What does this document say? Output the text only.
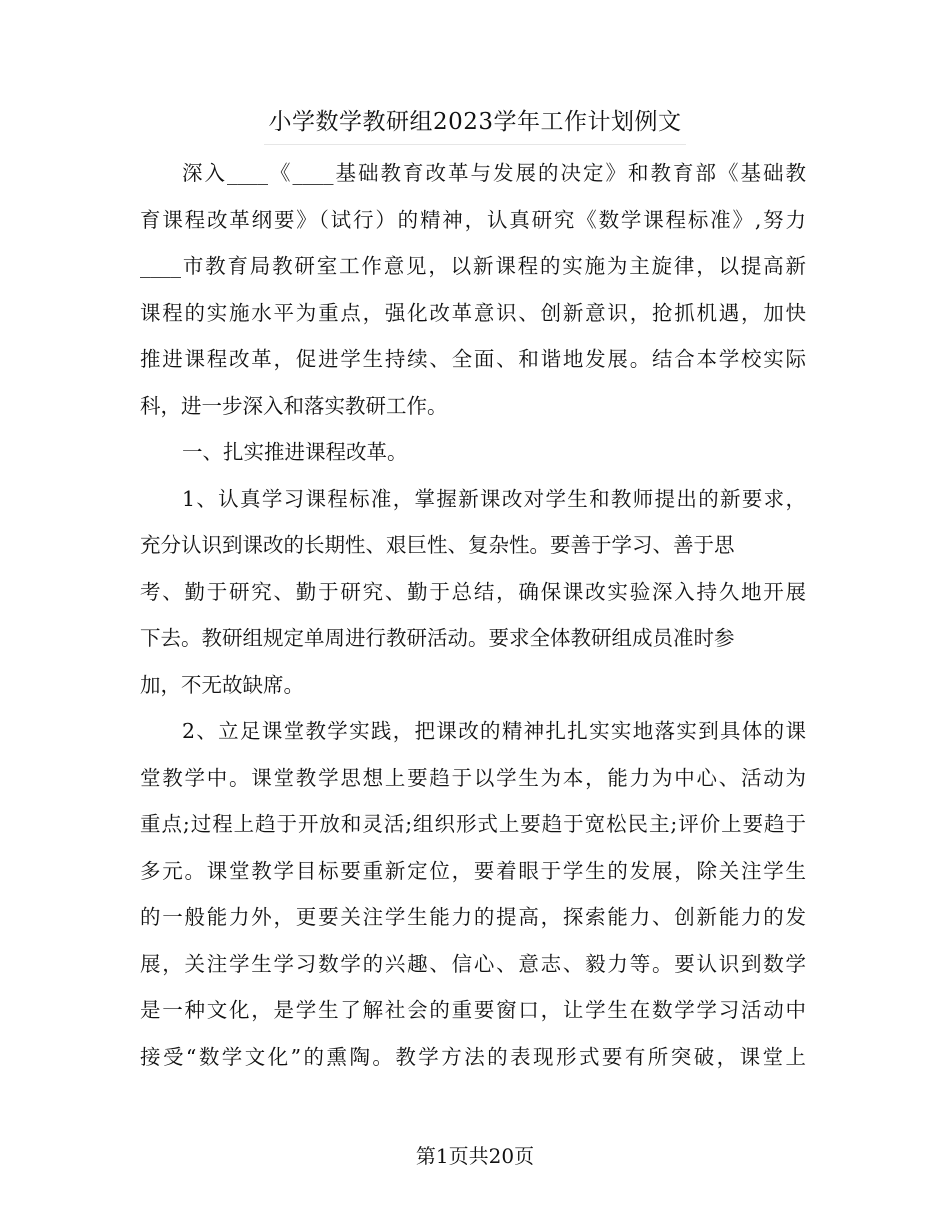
小学数学教研组2023学年工作计划例文
深入____《____基础教育改革与发展的决定》和教育部《基础教
育课程改革纲要》（试行）的精神，认真研究《数学课程标准》,努力
____市教育局教研室工作意见，以新课程的实施为主旋律，以提高新
课程的实施水平为重点，强化改革意识、创新意识，抢抓机遇，加快
推进课程改革，促进学生持续、全面、和谐地发展。结合本学校实际
科，进一步深入和落实教研工作。
一、扎实推进课程改革。
1、认真学习课程标准，掌握新课改对学生和教师提出的新要求，
充分认识到课改的长期性、艰巨性、复杂性。要善于学习、善于思
考、勤于研究、勤于研究、勤于总结，确保课改实验深入持久地开展
下去。教研组规定单周进行教研活动。要求全体教研组成员准时参
加，不无故缺席。
2、立足课堂教学实践，把课改的精神扎扎实实地落实到具体的课
堂教学中。课堂教学思想上要趋于以学生为本，能力为中心、活动为
重点;过程上趋于开放和灵活;组织形式上要趋于宽松民主;评价上要趋于
多元。课堂教学目标要重新定位，要着眼于学生的发展，除关注学生
的一般能力外，更要关注学生能力的提高，探索能力、创新能力的发
展，关注学生学习数学的兴趣、信心、意志、毅力等。要认识到数学
是一种文化，是学生了解社会的重要窗口，让学生在数学学习活动中
接受“数学文化”的熏陶。教学方法的表现形式要有所突破，课堂上
第1页共20页
